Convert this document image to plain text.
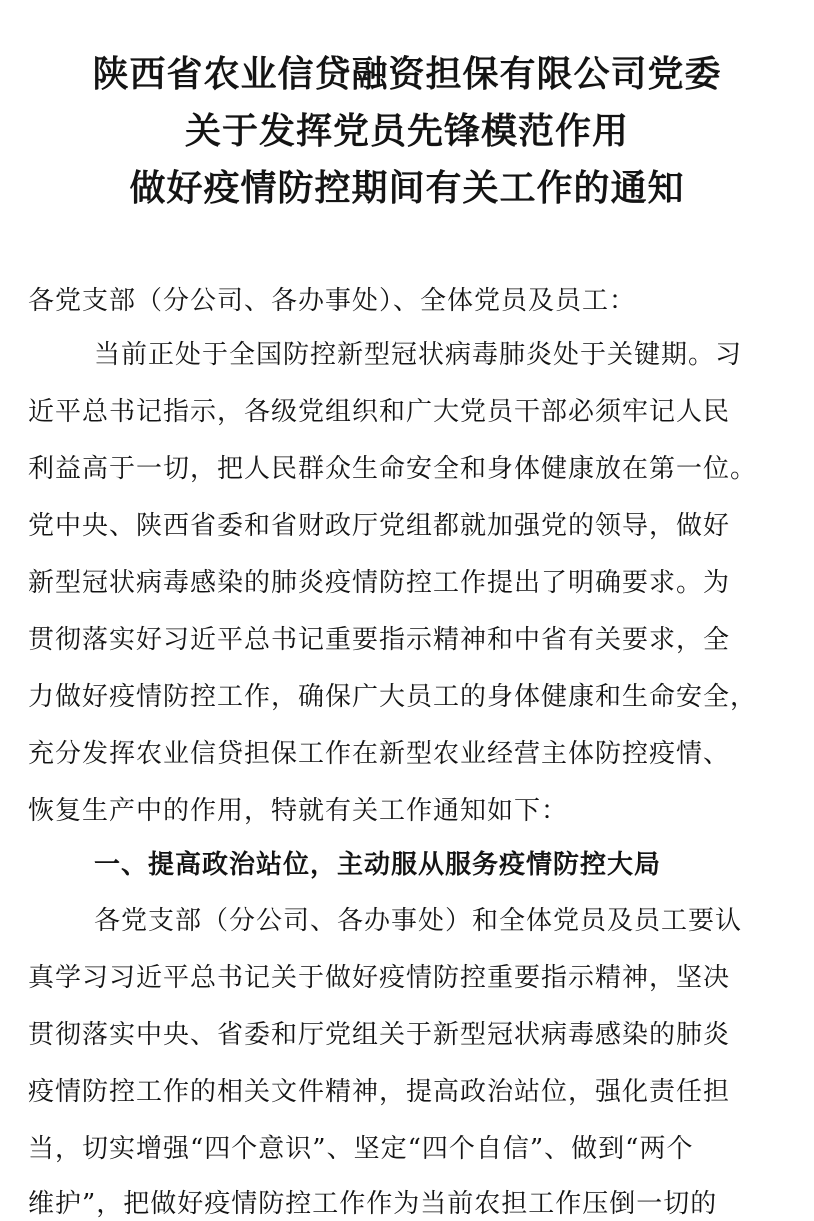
陕西省农业信贷融资担保有限公司党委
关于发挥党员先锋模范作用
做好疫情防控期间有关工作的通知
各党支部（分公司、各办事处）、全体党员及员工：
当前正处于全国防控新型冠状病毒肺炎处于关键期。习
近平总书记指示，各级党组织和广大党员干部必须牢记人民
利益高于一切，把人民群众生命安全和身体健康放在第一位。
党中央、陕西省委和省财政厅党组都就加强党的领导，做好
新型冠状病毒感染的肺炎疫情防控工作提出了明确要求。为
贯彻落实好习近平总书记重要指示精神和中省有关要求，全
力做好疫情防控工作，确保广大员工的身体健康和生命安全，
充分发挥农业信贷担保工作在新型农业经营主体防控疫情、
恢复生产中的作用，特就有关工作通知如下：
一、提高政治站位，主动服从服务疫情防控大局
各党支部（分公司、各办事处）和全体党员及员工要认
真学习习近平总书记关于做好疫情防控重要指示精神，坚决
贯彻落实中央、省委和厅党组关于新型冠状病毒感染的肺炎
疫情防控工作的相关文件精神，提高政治站位，强化责任担
当，切实增强“四个意识”、坚定“四个自信”、做到“两个
维护”，把做好疫情防控工作作为当前农担工作压倒一切的
